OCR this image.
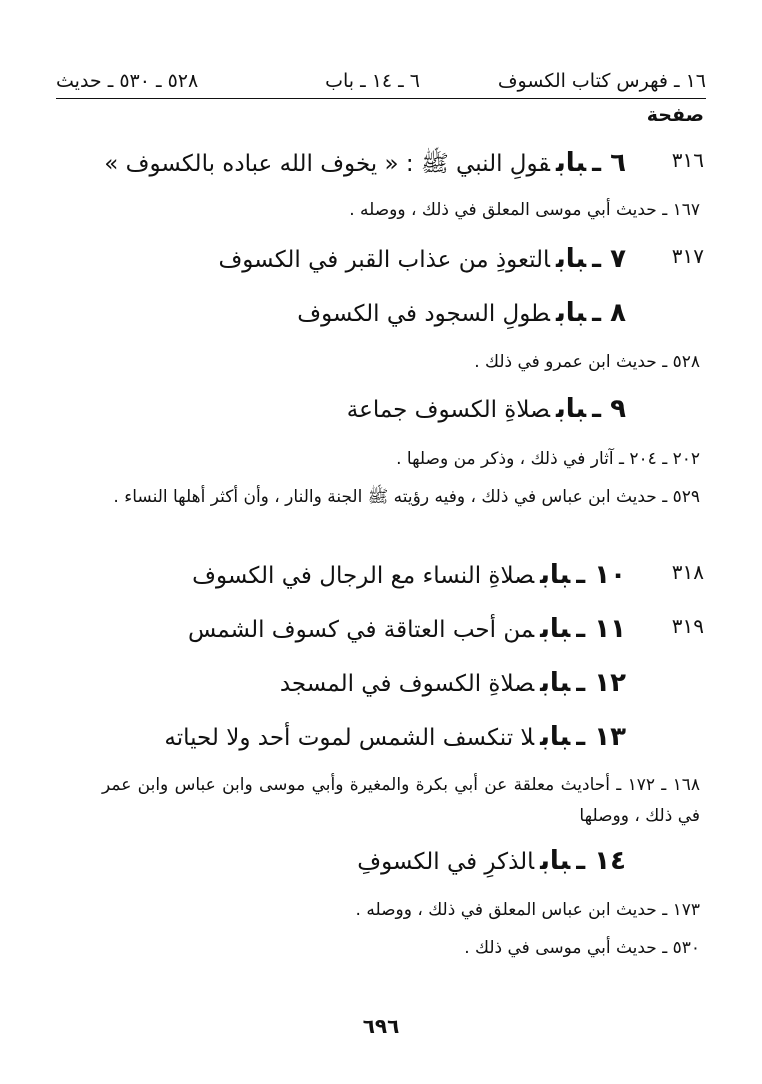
١٦ ـ فهرس كتاب الكسوف
٦ ـ ١٤ ـ باب
٥٢٨ ـ ٥٣٠ ـ حديث
صفحة
٣١٦
٦ ـبابقولِ النبي ﷺ : « يخوف الله عباده بالكسوف »
١٦٧ ـ حديث أبي موسى المعلق في ذلك ، ووصله .
٣١٧
٧ ـبابالتعوذِ من عذاب القبر في الكسوف
٨ ـبابطولِ السجود في الكسوف
٥٢٨ ـ حديث ابن عمرو في ذلك .
٩ ـبابصلاةِ الكسوف جماعة
٢٠٢ ـ ٢٠٤ ـ آثار في ذلك ، وذكر من وصلها .
٥٢٩ ـ حديث ابن عباس في ذلك ، وفيه رؤيته ﷺ الجنة والنار ، وأن أكثر أهلها النساء .
٣١٨
١٠ ـبابصلاةِ النساء مع الرجال في الكسوف
٣١٩
١١ ـبابمن أحب العتاقة في كسوف الشمس
١٢ ـبابصلاةِ الكسوف في المسجد
١٣ ـبابلا تنكسف الشمس لموت أحد ولا لحياته
١٦٨ ـ ١٧٢ ـ أحاديث معلقة عن أبي بكرة والمغيرة وأبي موسى وابن عباس وابن عمر في ذلك ، ووصلها
١٤ ـبابالذكرِ في الكسوفِ
١٧٣ ـ حديث ابن عباس المعلق في ذلك ، ووصله .
٥٣٠ ـ حديث أبي موسى في ذلك .
٦٩٦
